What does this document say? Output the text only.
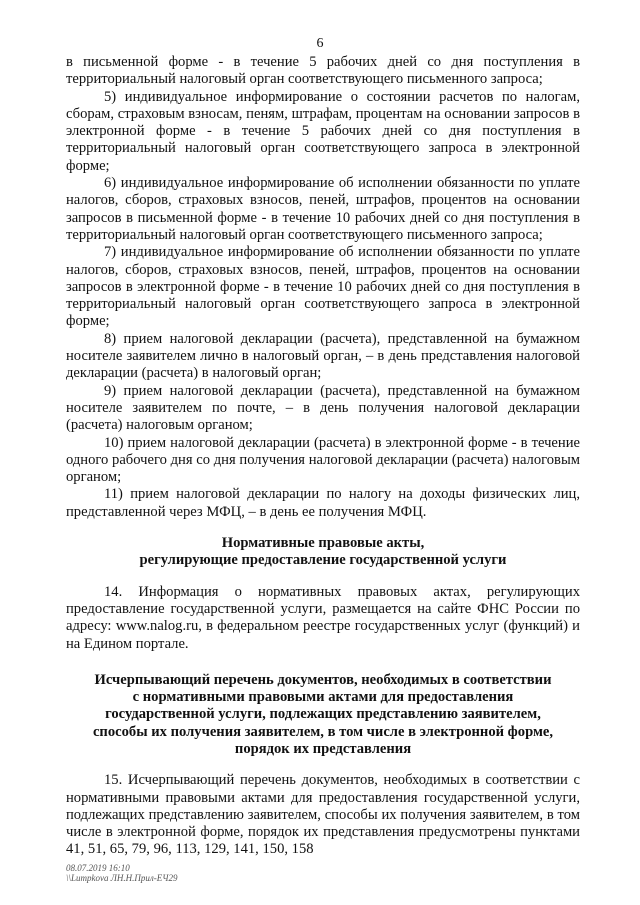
6

в письменной форме - в течение 5 рабочих дней со дня поступления в территориальный налоговый орган соответствующего письменного запроса;

5) индивидуальное информирование о состоянии расчетов по налогам, сборам, страховым взносам, пеням, штрафам, процентам на основании запросов в электронной форме - в течение 5 рабочих дней со дня поступления в территориальный налоговый орган соответствующего запроса в электронной форме;

6) индивидуальное информирование об исполнении обязанности по уплате налогов, сборов, страховых взносов, пеней, штрафов, процентов на основании запросов в письменной форме - в течение 10 рабочих дней со дня поступления в территориальный налоговый орган соответствующего письменного запроса;

7) индивидуальное информирование об исполнении обязанности по уплате налогов, сборов, страховых взносов, пеней, штрафов, процентов на основании запросов в электронной форме - в течение 10 рабочих дней со дня поступления в территориальный налоговый орган соответствующего запроса в электронной форме;

8) прием налоговой декларации (расчета), представленной на бумажном носителе заявителем лично в налоговый орган, – в день представления налоговой декларации (расчета) в налоговый орган;

9) прием налоговой декларации (расчета), представленной на бумажном носителе заявителем по почте, – в день получения налоговой декларации (расчета) налоговым органом;

10) прием налоговой декларации (расчета) в электронной форме - в течение одного рабочего дня со дня получения налоговой декларации (расчета) налоговым органом;

11) прием налоговой декларации по налогу на доходы физических лиц, представленной через МФЦ, – в день ее получения МФЦ.

Нормативные правовые акты,
регулирующие предоставление государственной услуги

14. Информация о нормативных правовых актах, регулирующих предоставление государственной услуги, размещается на сайте ФНС России по адресу: www.nalog.ru, в федеральном реестре государственных услуг (функций) и на Едином портале.

Исчерпывающий перечень документов, необходимых в соответствии
с нормативными правовыми актами для предоставления
государственной услуги, подлежащих представлению заявителем,
способы их получения заявителем, в том числе в электронной форме,
порядок их представления

15. Исчерпывающий перечень документов, необходимых в соответствии с нормативными правовыми актами для предоставления государственной услуги, подлежащих представлению заявителем, способы их получения заявителем, в том числе в электронной форме, порядок их представления предусмотрены пунктами 41, 51, 65, 79, 96, 113, 129, 141, 150, 158

08.07.2019 16:10
\\Lumpkova ЛН.Н.Прил-ЕЧ29
